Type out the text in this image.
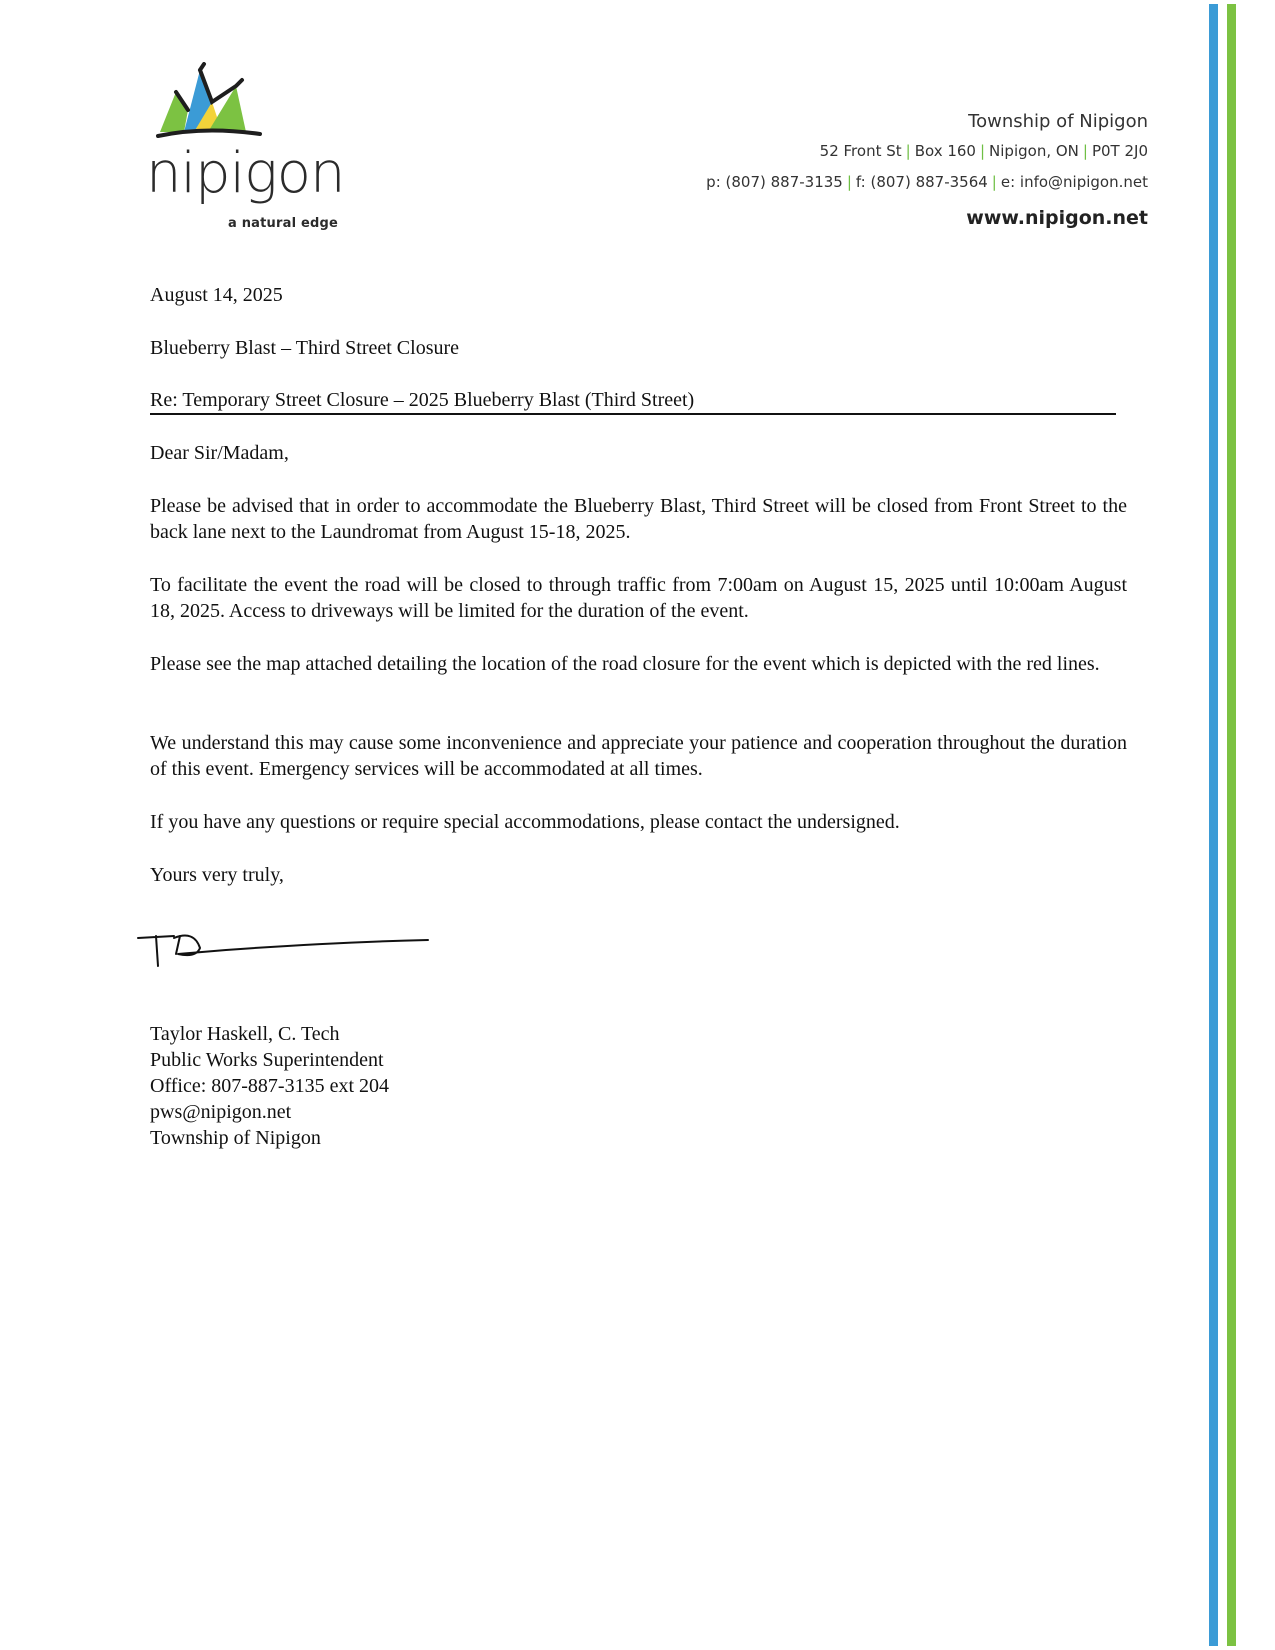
nipigon
a natural edge
Township of Nipigon
52 Front St | Box 160 | Nipigon, ON | P0T 2J0
p: (807) 887-3135 | f: (807) 887-3564 | e: info@nipigon.net
www.nipigon.net
August 14, 2025
Blueberry Blast – Third Street Closure
Re: Temporary Street Closure – 2025 Blueberry Blast (Third Street)
Dear Sir/Madam,
Please be advised that in order to accommodate the Blueberry Blast, Third Street will be closed from Front Street to the back lane next to the Laundromat from August 15-18, 2025.
To facilitate the event the road will be closed to through traffic from 7:00am on August 15, 2025 until 10:00am August 18, 2025. Access to driveways will be limited for the duration of the event.
Please see the map attached detailing the location of the road closure for the event which is depicted with the red lines.
We understand this may cause some inconvenience and appreciate your patience and cooperation throughout the duration of this event. Emergency services will be accommodated at all times.
If you have any questions or require special accommodations, please contact the undersigned.
Yours very truly,
Taylor Haskell, C. Tech
Public Works Superintendent
Office: 807-887-3135 ext 204
pws@nipigon.net
Township of Nipigon
